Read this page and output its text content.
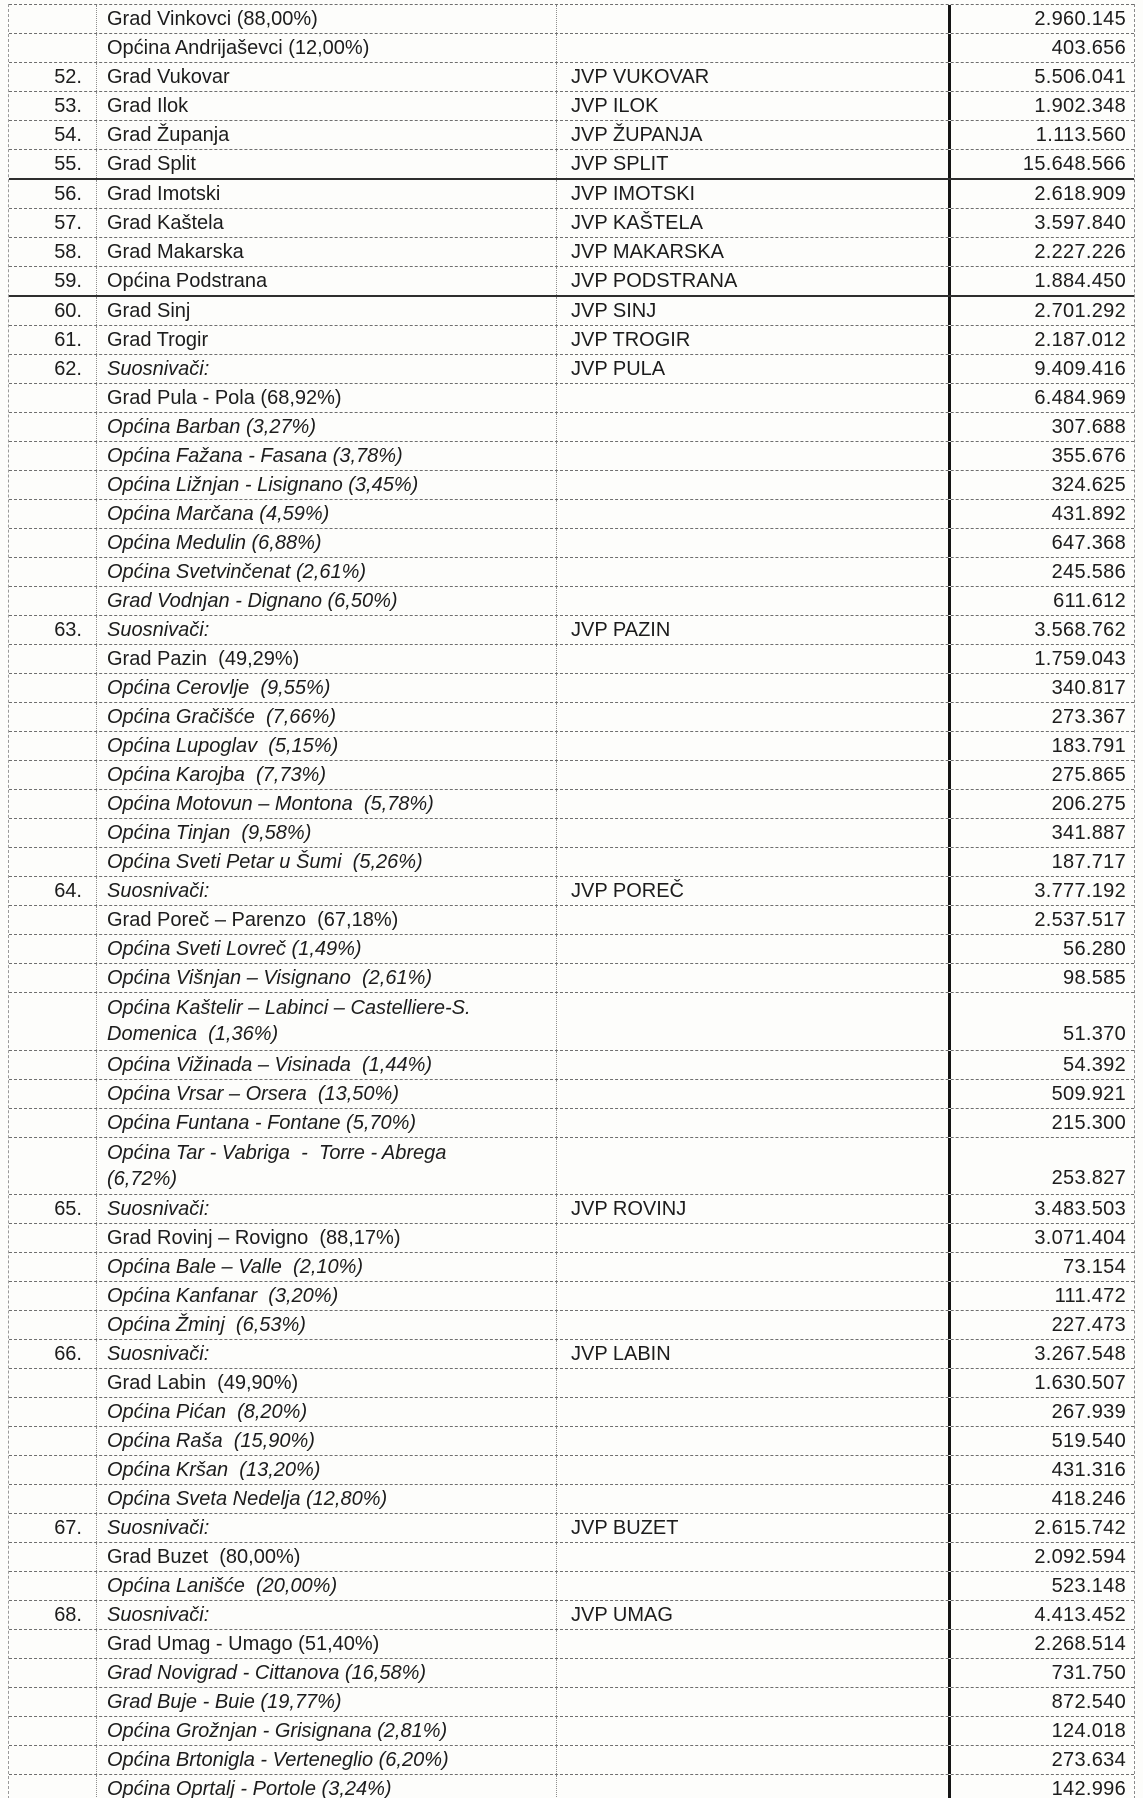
Grad Vinkovci (88,00%)	2.960.145
Općina Andrijaševci (12,00%)	403.656
52.	Grad Vukovar	JVP VUKOVAR	5.506.041
53.	Grad Ilok	JVP ILOK	1.902.348
54.	Grad Županja	JVP ŽUPANJA	1.113.560
55.	Grad Split	JVP SPLIT	15.648.566
56.	Grad Imotski	JVP IMOTSKI	2.618.909
57.	Grad Kaštela	JVP KAŠTELA	3.597.840
58.	Grad Makarska	JVP MAKARSKA	2.227.226
59.	Općina Podstrana	JVP PODSTRANA	1.884.450
60.	Grad Sinj	JVP SINJ	2.701.292
61.	Grad Trogir	JVP TROGIR	2.187.012
62.	Suosnivači:	JVP PULA	9.409.416
Grad Pula - Pola (68,92%)	6.484.969
Općina Barban (3,27%)	307.688
Općina Fažana - Fasana (3,78%)	355.676
Općina Ližnjan - Lisignano (3,45%)	324.625
Općina Marčana (4,59%)	431.892
Općina Medulin (6,88%)	647.368
Općina Svetvinčenat (2,61%)	245.586
Grad Vodnjan - Dignano (6,50%)	611.612
63.	Suosnivači:	JVP PAZIN	3.568.762
Grad Pazin  (49,29%)	1.759.043
Općina Cerovlje  (9,55%)	340.817
Općina Gračišće  (7,66%)	273.367
Općina Lupoglav  (5,15%)	183.791
Općina Karojba  (7,73%)	275.865
Općina Motovun – Montona  (5,78%)	206.275
Općina Tinjan  (9,58%)	341.887
Općina Sveti Petar u Šumi  (5,26%)	187.717
64.	Suosnivači:	JVP POREČ	3.777.192
Grad Poreč – Parenzo  (67,18%)	2.537.517
Općina Sveti Lovreč (1,49%)	56.280
Općina Višnjan – Visignano  (2,61%)	98.585
Općina Kaštelir – Labinci – Castelliere-S.
Domenica  (1,36%)	51.370
Općina Vižinada – Visinada  (1,44%)	54.392
Općina Vrsar – Orsera  (13,50%)	509.921
Općina Funtana - Fontane (5,70%)	215.300
Općina Tar - Vabriga  -  Torre - Abrega
(6,72%)	253.827
65.	Suosnivači:	JVP ROVINJ	3.483.503
Grad Rovinj – Rovigno  (88,17%)	3.071.404
Općina Bale – Valle  (2,10%)	73.154
Općina Kanfanar  (3,20%)	111.472
Općina Žminj  (6,53%)	227.473
66.	Suosnivači:	JVP LABIN	3.267.548
Grad Labin  (49,90%)	1.630.507
Općina Pićan  (8,20%)	267.939
Općina Raša  (15,90%)	519.540
Općina Kršan  (13,20%)	431.316
Općina Sveta Nedelja (12,80%)	418.246
67.	Suosnivači:	JVP BUZET	2.615.742
Grad Buzet  (80,00%)	2.092.594
Općina Lanišće  (20,00%)	523.148
68.	Suosnivači:	JVP UMAG	4.413.452
Grad Umag - Umago (51,40%)	2.268.514
Grad Novigrad - Cittanova (16,58%)	731.750
Grad Buje - Buie (19,77%)	872.540
Općina Grožnjan - Grisignana (2,81%)	124.018
Općina Brtonigla - Verteneglio (6,20%)	273.634
Općina Oprtalj - Portole (3,24%)	142.996
